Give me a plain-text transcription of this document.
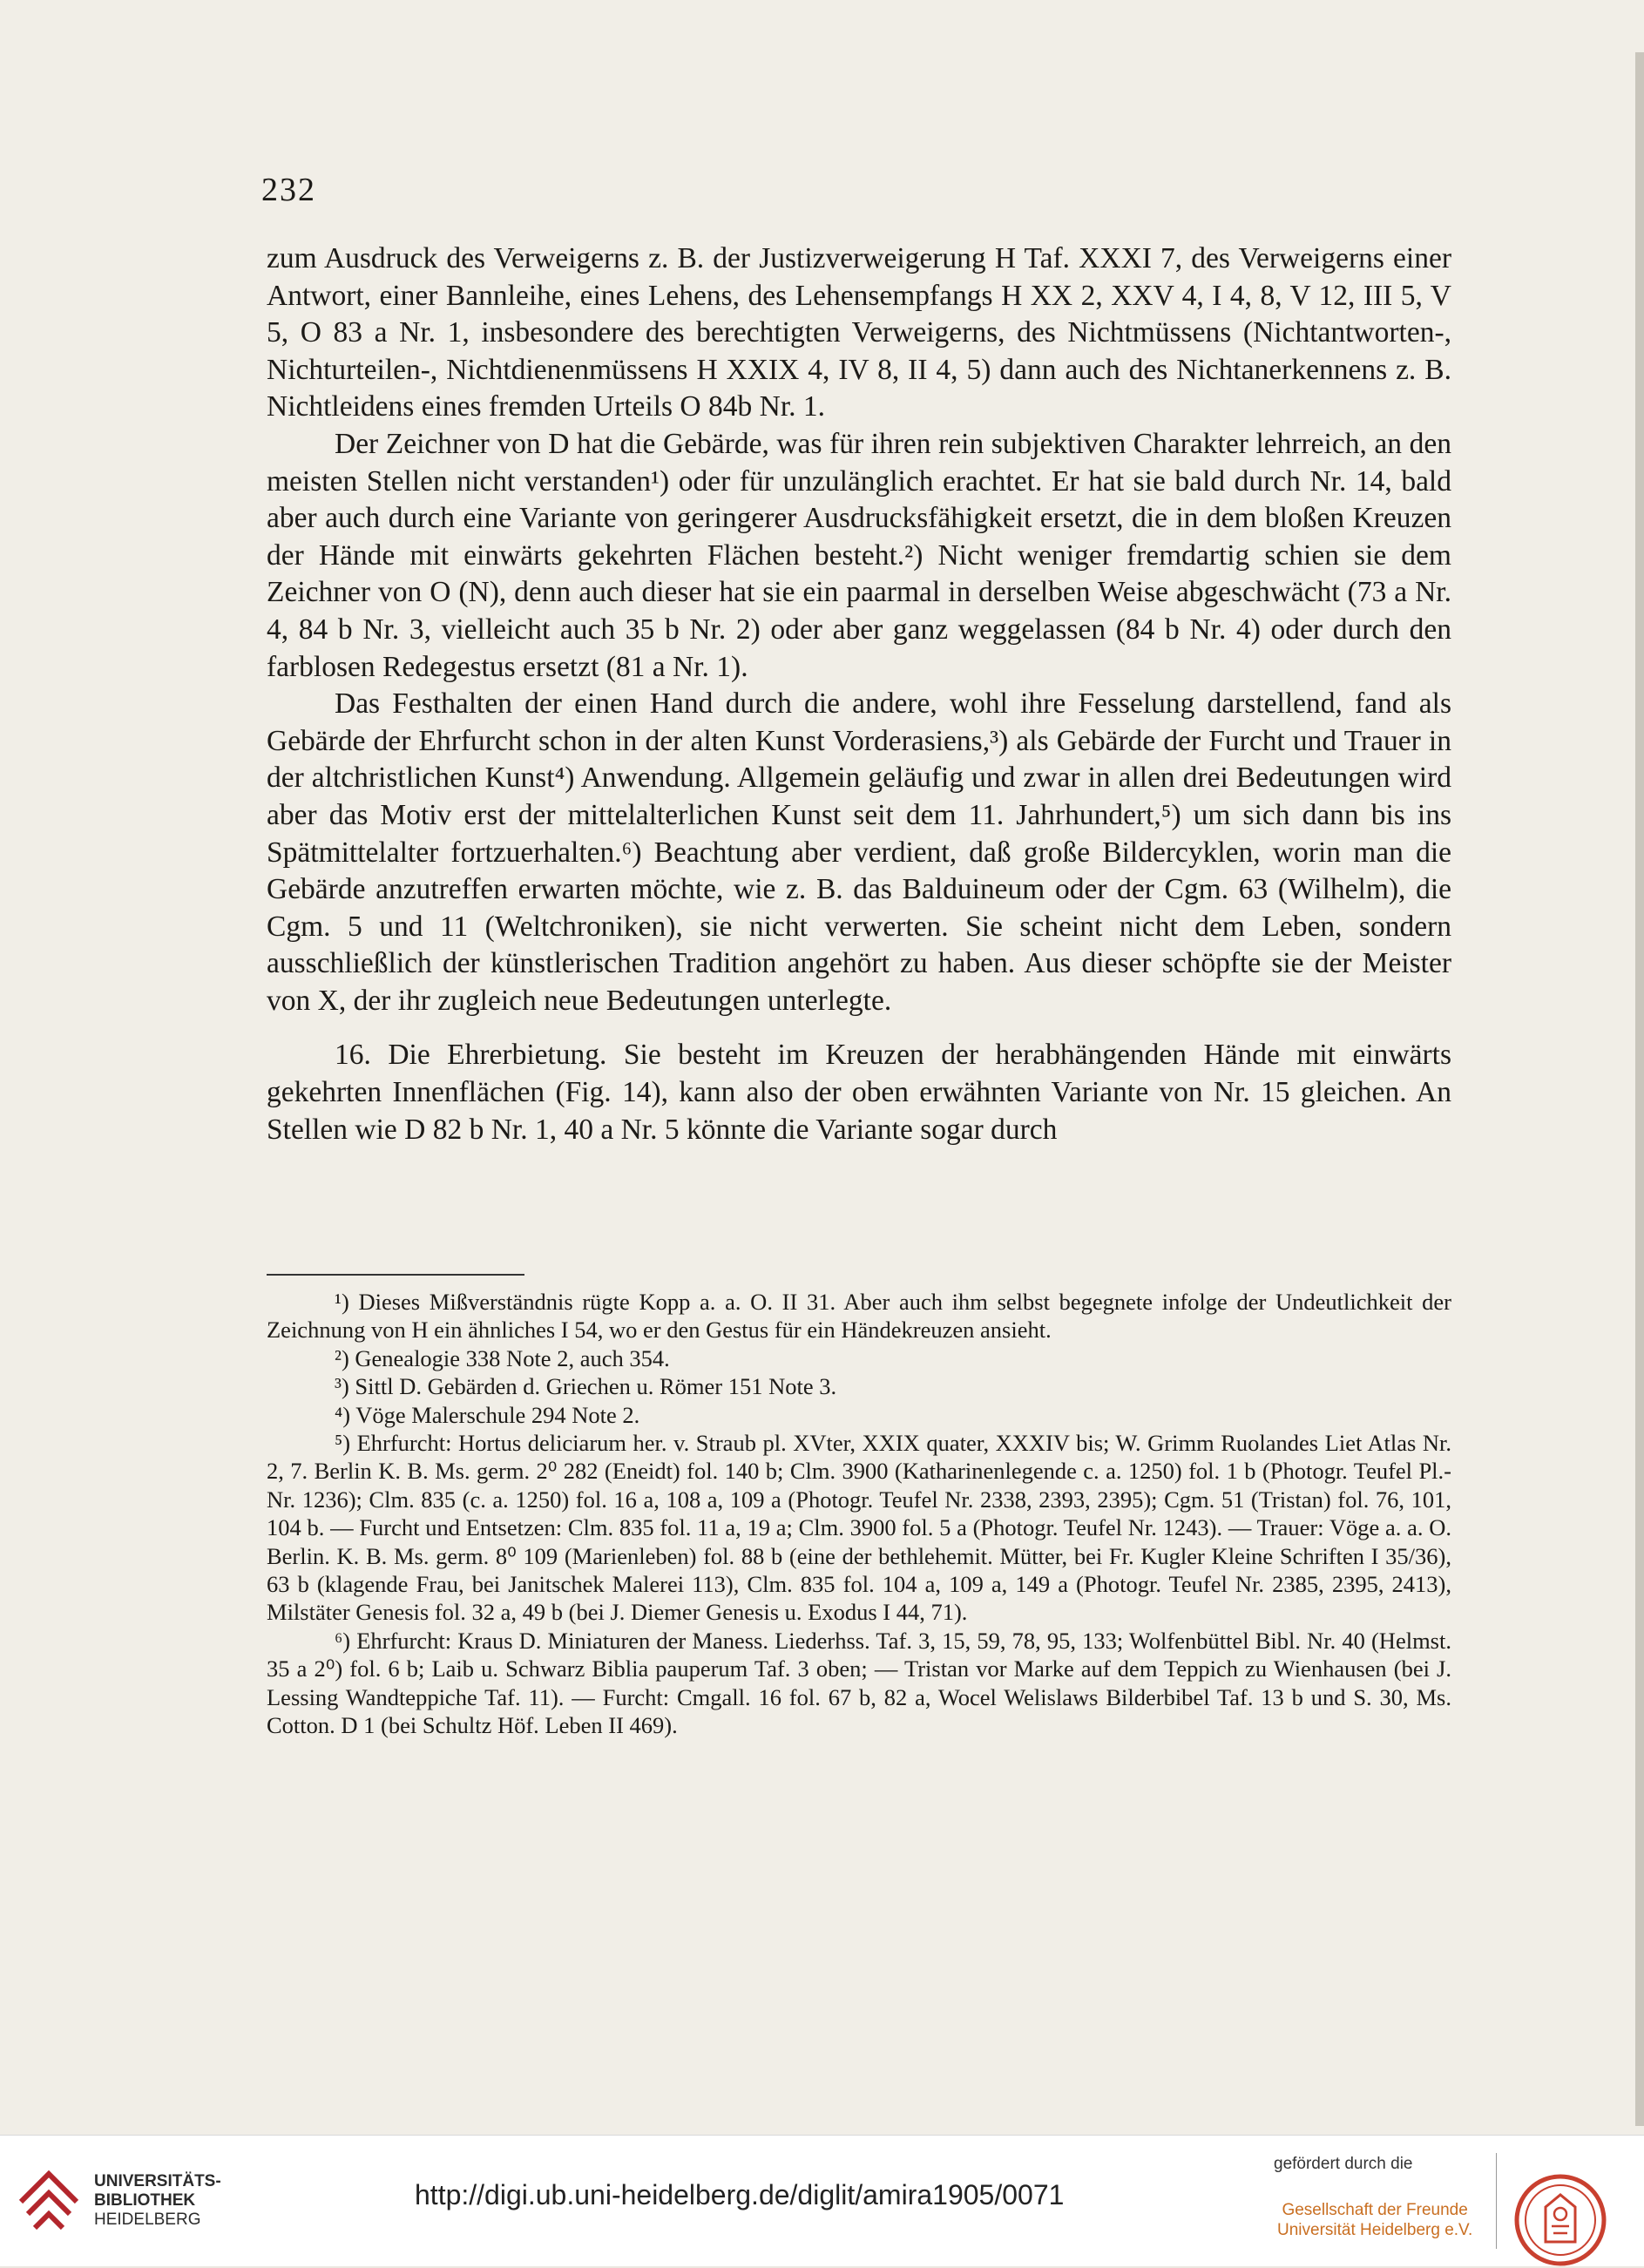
232

zum Ausdruck des Verweigerns z. B. der Justizverweigerung H Taf. XXXI 7, des Verweigerns einer Antwort, einer Bannleihe, eines Lehens, des Lehensempfangs H XX 2, XXV 4, I 4, 8, V 12, III 5, V 5, O 83 a Nr. 1, insbesondere des berechtigten Verweigerns, des Nichtmüssens (Nichtantworten-, Nichturteilen-, Nichtdienenmüssens H XXIX 4, IV 8, II 4, 5) dann auch des Nichtanerkennens z. B. Nichtleidens eines fremden Urteils O 84b Nr. 1.

Der Zeichner von D hat die Gebärde, was für ihren rein subjektiven Charakter lehrreich, an den meisten Stellen nicht verstanden¹) oder für unzulänglich erachtet. Er hat sie bald durch Nr. 14, bald aber auch durch eine Variante von geringerer Ausdrucksfähigkeit ersetzt, die in dem bloßen Kreuzen der Hände mit einwärts gekehrten Flächen besteht.²) Nicht weniger fremdartig schien sie dem Zeichner von O (N), denn auch dieser hat sie ein paarmal in derselben Weise abgeschwächt (73 a Nr. 4, 84 b Nr. 3, vielleicht auch 35 b Nr. 2) oder aber ganz weggelassen (84 b Nr. 4) oder durch den farblosen Redegestus ersetzt (81 a Nr. 1).

Das Festhalten der einen Hand durch die andere, wohl ihre Fesselung darstellend, fand als Gebärde der Ehrfurcht schon in der alten Kunst Vorderasiens,³) als Gebärde der Furcht und Trauer in der altchristlichen Kunst⁴) Anwendung. Allgemein geläufig und zwar in allen drei Bedeutungen wird aber das Motiv erst der mittelalterlichen Kunst seit dem 11. Jahrhundert,⁵) um sich dann bis ins Spätmittelalter fortzuerhalten.⁶) Beachtung aber verdient, daß große Bildercyklen, worin man die Gebärde anzutreffen erwarten möchte, wie z. B. das Balduineum oder der Cgm. 63 (Wilhelm), die Cgm. 5 und 11 (Weltchroniken), sie nicht verwerten. Sie scheint nicht dem Leben, sondern ausschließlich der künstlerischen Tradition angehört zu haben. Aus dieser schöpfte sie der Meister von X, der ihr zugleich neue Bedeutungen unterlegte.

16. Die Ehrerbietung. Sie besteht im Kreuzen der herabhängenden Hände mit einwärts gekehrten Innenflächen (Fig. 14), kann also der oben erwähnten Variante von Nr. 15 gleichen. An Stellen wie D 82 b Nr. 1, 40 a Nr. 5 könnte die Variante sogar durch

¹) Dieses Mißverständnis rügte Kopp a. a. O. II 31. Aber auch ihm selbst begegnete infolge der Undeutlichkeit der Zeichnung von H ein ähnliches I 54, wo er den Gestus für ein Händekreuzen ansieht.

²) Genealogie 338 Note 2, auch 354.

³) Sittl D. Gebärden d. Griechen u. Römer 151 Note 3.

⁴) Vöge Malerschule 294 Note 2.

⁵) Ehrfurcht: Hortus deliciarum her. v. Straub pl. XVter, XXIX quater, XXXIV bis; W. Grimm Ruolandes Liet Atlas Nr. 2, 7. Berlin K. B. Ms. germ. 2⁰ 282 (Eneidt) fol. 140 b; Clm. 3900 (Katharinenlegende c. a. 1250) fol. 1 b (Photogr. Teufel Pl.-Nr. 1236); Clm. 835 (c. a. 1250) fol. 16 a, 108 a, 109 a (Photogr. Teufel Nr. 2338, 2393, 2395); Cgm. 51 (Tristan) fol. 76, 101, 104 b. — Furcht und Entsetzen: Clm. 835 fol. 11 a, 19 a; Clm. 3900 fol. 5 a (Photogr. Teufel Nr. 1243). — Trauer: Vöge a. a. O. Berlin. K. B. Ms. germ. 8⁰ 109 (Marienleben) fol. 88 b (eine der bethlehemit. Mütter, bei Fr. Kugler Kleine Schriften I 35/36), 63 b (klagende Frau, bei Janitschek Malerei 113), Clm. 835 fol. 104 a, 109 a, 149 a (Photogr. Teufel Nr. 2385, 2395, 2413), Milstäter Genesis fol. 32 a, 49 b (bei J. Diemer Genesis u. Exodus I 44, 71).

⁶) Ehrfurcht: Kraus D. Miniaturen der Maness. Liederhss. Taf. 3, 15, 59, 78, 95, 133; Wolfenbüttel Bibl. Nr. 40 (Helmst. 35 a 2⁰) fol. 6 b; Laib u. Schwarz Biblia pauperum Taf. 3 oben; — Tristan vor Marke auf dem Teppich zu Wienhausen (bei J. Lessing Wandteppiche Taf. 11). — Furcht: Cmgall. 16 fol. 67 b, 82 a, Wocel Welislaws Bilderbibel Taf. 13 b und S. 30, Ms. Cotton. D 1 (bei Schultz Höf. Leben II 469).

UNIVERSITÄTS-
BIBLIOTHEK
HEIDELBERG
http://digi.ub.uni-heidelberg.de/diglit/amira1905/0071
gefördert durch die
Gesellschaft der Freunde
Universität Heidelberg e.V.
